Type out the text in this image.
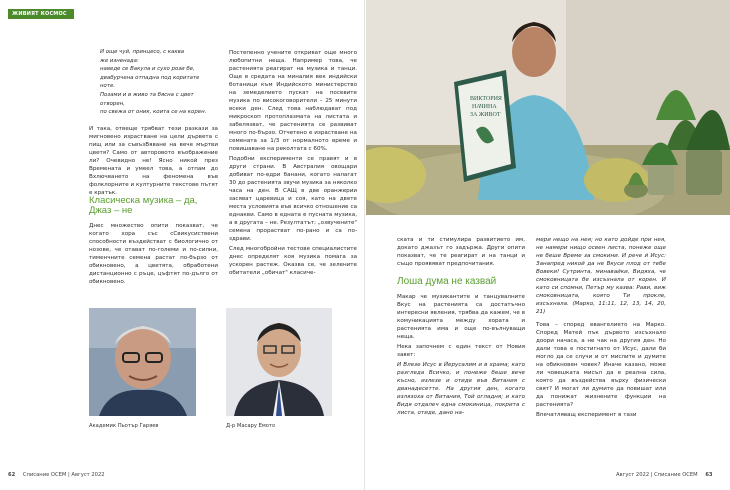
ЖИВИЯТ КОСМОС

И още чуй, принцесо, с каква

же изненада:

наведе се Вакула и сухо рози бе,

двабурчена отпадна под коритате

ноте.

Позами и в живо та бясна с цвет

отворен,

по свежа от оник, коита се на корен.

И така, отвеще трябват тези разкази за мигновено израстване на цели дървета с пищ или за съвъзВяване на вече мъртви цветя? Само от авторовото въображение ли? Очевидно не! Ясно никой през Времената и умеел това, а отпам до Вхлючването на феномена във фолклорните и културните текстове пътят е кратък.

Класическа музика – да, Джаз – не

Днес множество опити показват, че когато хора със сСвикусиствени способности въздействат с биологично от нозове, че отават по-големи и по-силни, тименчните семена растат по-бързо от обикновено, а цветята, обработени дистанционно с ръце, цъфтят по-дълго от обикновено.

Постепенно учените откриват още много любопитни неща. Например това, че растенията реагират на музика и танци. Още в средата на миналия век индийски ботаници към Индийското министерство на земеделието пускат на посевите музика по високоговорители – 25 минути всеки ден. След това наблюдават под микроскоп протоплазмата на листата и забелязват, че растенията се развиват много по-бързо. Отчетено е израстване на семената за 1/3 от нормалното време и повишаване на реколтата с 60%.

Подобни експерименти се правят и в други страни. В Австралия овощари добиват по-едри банани, когато налагат 30 до растенията звучи музика за няколко часа на ден. В САЩ в две оранжерии засяват царевица и соя, като на двете места условията във всичко отношение са еднакви. Само в едната е пусната музика, а в другата – не. Резултатът: „озвучените" семена прорастват по-рано и са по-здрави.

След многобройни тестове специалистите днес определят коя музика помага за ускорен растеж. Оказва се, че зелените обитатели „обичат" класиче-

Академик Пьотър Гаряев	Д-р Масару Емото
62 Списание ОСЕМ | Август 2022
ВИКТОРИЯ
НАЧИНА
ЗА ЖИВОТ

ската и ти стимулира развитието им, докато джазът го задържа. Други опити показват, че те реагират и на танци и също проявяват предпочитания.

Лоша дума не казвай

Макар че музикантите и танцувалните Вкус на растенията са достатъчно интересни явления, трябва да кажем, че в комуникацията между хората и растенията има и още по-вълнуващи неща.

Нека започнем с един текст от Новия завет:

И Влезе Исус в Йерусалим и в храма; като разгледа Всичко, и понеже беше вече късно, излезе и отиде във Витания с дванадесетте. На другия ден, когато излязоха от Витания, Той огладня; и като Видя отдалеч една смокиница, покрита с листа, отиде, дано на-

мери нещо на нея; но като дойде при нея, не намери нищо освен листа, понеже още не беше Време за смокини. И рече й Исус: Занапред никой да не Вкуси плод от тебе Вовеки! Сутринта, минавайки, Видяха, че смоковницата бе изсъхнала от корен. И като си спомни, Петър му казва: Рави, виж смоковницата, която Ти прокле, изсъхнала. (Марко, 11:11, 12, 13, 14, 20, 21)

Това – според евангелието на Марко. Според Матей пък дървото изсъхнало доори начаса, а не чак на другия ден. Но дали това е постигнато от Исус, дали би могло да се случи и от мислите и думите на обикновен човек? Иначе казано, може ли човешката мисъл да е реална сила, която да въздейства върху физически свят? И могат ли думите да повишат или да понижат жизнените функции на растенията?

Впечатляващ експеримент в тази

Август 2022 | Списание ОСЕМ 63
